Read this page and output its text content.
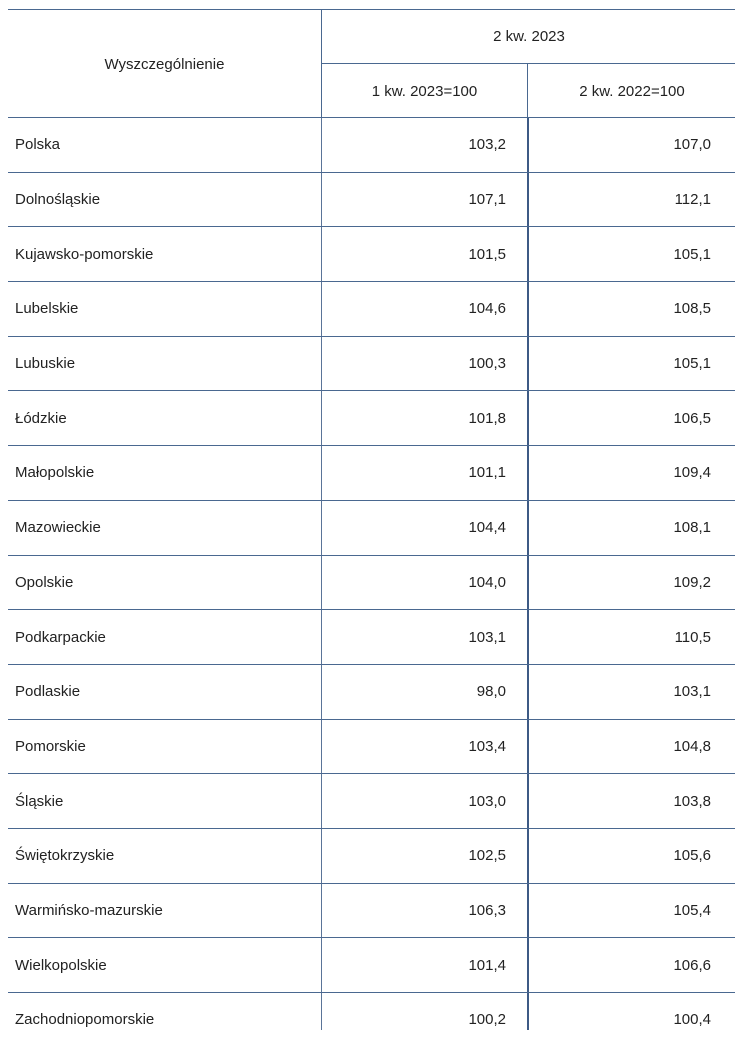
Wyszczególnienie
2 kw. 2023
1 kw. 2023=100	2 kw. 2022=100
Polska	103,2	107,0
Dolnośląskie	107,1	112,1
Kujawsko-pomorskie	101,5	105,1
Lubelskie	104,6	108,5
Lubuskie	100,3	105,1
Łódzkie	101,8	106,5
Małopolskie	101,1	109,4
Mazowieckie	104,4	108,1
Opolskie	104,0	109,2
Podkarpackie	103,1	110,5
Podlaskie	98,0	103,1
Pomorskie	103,4	104,8
Śląskie	103,0	103,8
Świętokrzyskie	102,5	105,6
Warmińsko-mazurskie	106,3	105,4
Wielkopolskie	101,4	106,6
Zachodniopomorskie	100,2	100,4
